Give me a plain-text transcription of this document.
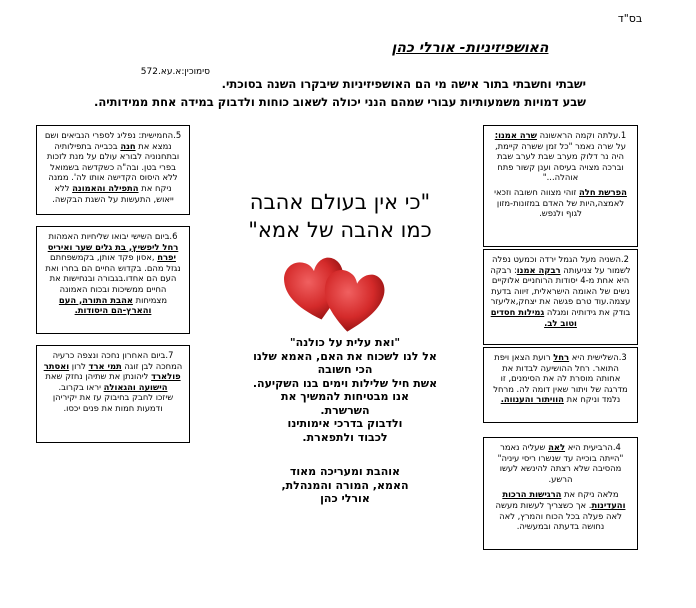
בס"ד
האושפיזיניות- אורלי כהן
סימוכין:א.עא.572
ישבתי וחשבתי בתור אישה מי הם האושפיזיניות שיבקרו השנה בסוכתי.
שבע דמויות משמעותיות עבורי שמהם הנני יכולה לשאוב כוחות ולדבוק במידה אחת ממידותיה.
5.החמישית: נפליג לספרי הנביאים ושם נמצא את חנה בכבייה בתפילותיה ובתחנוניה לבורא עולם על מנת לזכות בפרי בטן. ובה"ה כשקדשה בשמואל ללא היסוס הקדישה אותו לה'. ממנה ניקח את התפילה והאמונה ללא ייאוש, התעשות על השגת הבקשה.
6.ביום השישי יבואו שליחיות האמהות רחל ליפשיץ, בת גלים שער ואיריס יפרח ,אסון פקד אותן, בקמשפחתם נגזל מהם. בקדוש החיים הם בחרו ואת העם הם אחדו.בגבורה ובנחישות את החיים ממשיכות ובכוח האמונה מצמיחות אהבת התורה, העם והארץ-הם היסודות.
7.ביום האחרון נחכה ונצפה כרעיה המחכה לבן זוגה תמי ארד לרון ואסתר פולארד ליהונתן את שתיהן נחזק שאת הישועה והגאולה יראו בקרוב.
שיזכו לחבק בחיבוק עז את יקיריהן ודמעות חמות את פנים יכסו.
1.עלתה וקמה הראשונה שרה אמנו: על שרה נאמר "כל זמן ששרה קיימת, היה נר דלוק מערב שבת לערב שבת וברכה מצויה בעיסה וענן קשור פתח אוהלה..."
הפרשת חלה זוהי מצווה חשובה וזכאי לאמצה,היות של האדם במזונות-מזון לגוף ולנפש.
2.השניה מעל הגמל ירדה וכמעט נפלה לשמור על צניעותה רבקה אמנו: רבקה היא אחת מ-4 יסודות הרוחניים אלוקיים נשים של האומה הישראלית, זיווה בדעת עצמה.עוד טרם פגשה את יצחק,אליעזר בודק את גידותיה ומגלה גמילות חסדים וטוב לב.
3.השלישית היא רחל רועת הצאן ויפת התואר. רחל ההושיעה לבדות את אחותה מוסרת לה את הסימנים, זו מדרגה של ויתור שאין דומה לה. מרחל נלמד וניקח את הוויתור והענווה.
4.הרביעית היא לאה שעליה נאמר "הייתה בוכייה עד שנשרו ריסי עיניה" מהסיבה שלא רצתה להינשא לעשו הרשע.
מלאה ניקח את הרגישות הרכות והעדינות. אך כשצריך לעשות מעשה לאה פעלה בכל הכוח והמרץ, לאה נחושה בדעתה ובמעשיה.
"כי אין בעולם אהבה
כמו אהבה של אמא"
"ואת עלית על כולנה"
אל לנו לשכוח את האם, האמא שלנו
הכי חשובה
אשת חיל שלילות וימים בנו השקיעה.
אנו מבטיחות להמשיך את
השרשרת.
ולדבוק בדרכי אימותינו
לכבוד ולתפארת.
אוהבת ומעריכה מאוד
האמא, המורה והמנהלת,
אורלי כהן
